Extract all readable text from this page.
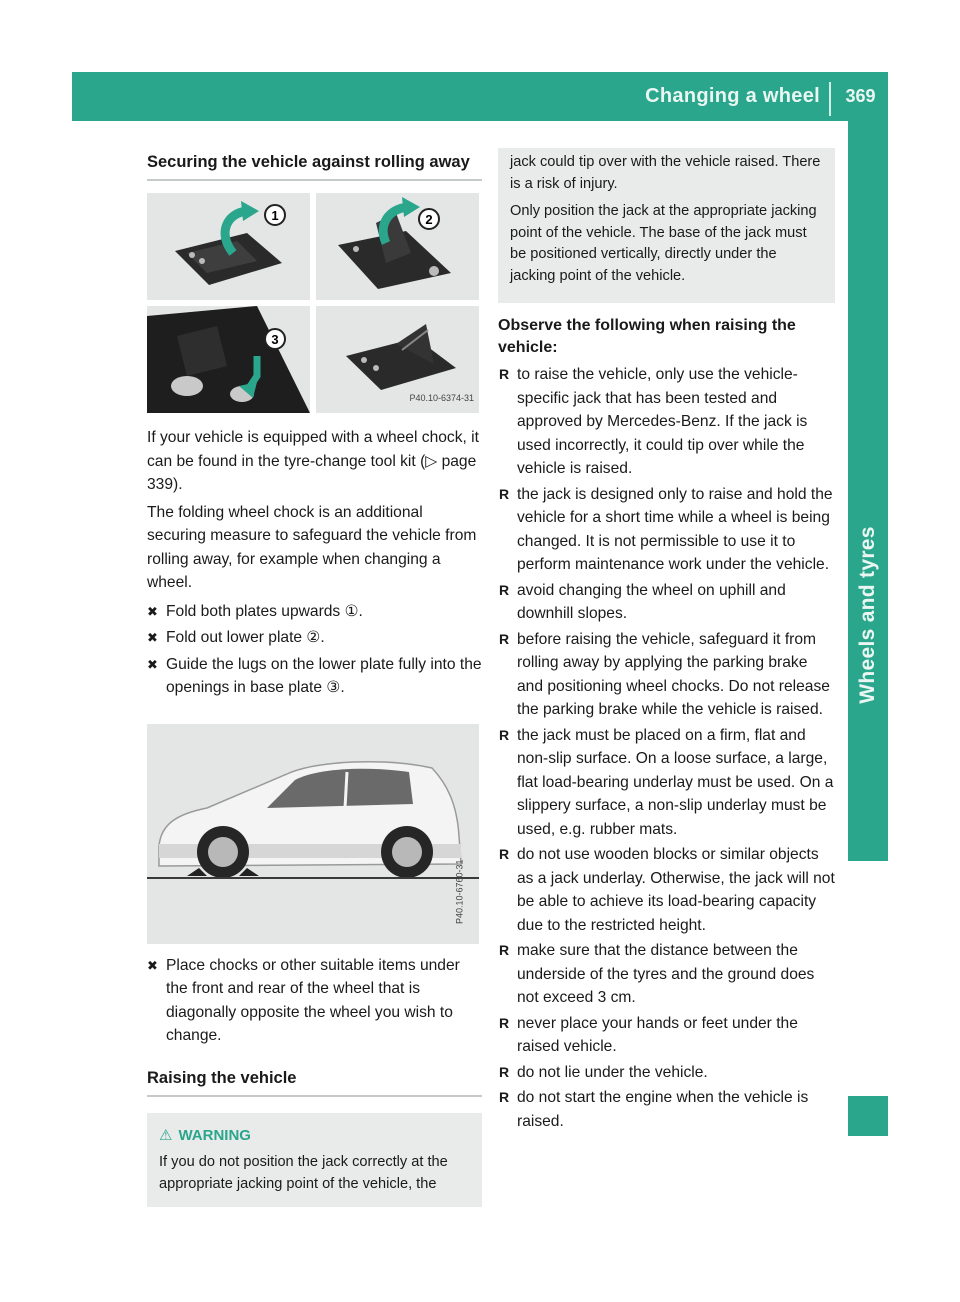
Changing a wheel	369
Wheels and tyres
Securing the vehicle against rolling away
1	2
3
P40.10-6374-31

If your vehicle is equipped with a wheel chock, it can be found in the tyre-change tool kit (▷ page 339).

The folding wheel chock is an additional securing measure to safeguard the vehicle from rolling away, for example when changing a wheel.

✖ Fold both plates upwards ①.
✖ Fold out lower plate ②.
✖ Guide the lugs on the lower plate fully into the openings in base plate ③.
P40.10-6760-31
✖ Place chocks or other suitable items under the front and rear of the wheel that is diagonally opposite the wheel you wish to change.
Raising the vehicle
⚠ WARNING

If you do not position the jack correctly at the appropriate jacking point of the vehicle, the

jack could tip over with the vehicle raised. There is a risk of injury.

Only position the jack at the appropriate jacking point of the vehicle. The base of the jack must be positioned vertically, directly under the jacking point of the vehicle.

Observe the following when raising the vehicle:
R to raise the vehicle, only use the vehicle-specific jack that has been tested and approved by Mercedes-Benz. If the jack is used incorrectly, it could tip over while the vehicle is raised.
R the jack is designed only to raise and hold the vehicle for a short time while a wheel is being changed. It is not permissible to use it to perform maintenance work under the vehicle.
R avoid changing the wheel on uphill and downhill slopes.
R before raising the vehicle, safeguard it from rolling away by applying the parking brake and positioning wheel chocks. Do not release the parking brake while the vehicle is raised.
R the jack must be placed on a firm, flat and non-slip surface. On a loose surface, a large, flat load-bearing underlay must be used. On a slippery surface, a non-slip underlay must be used, e.g. rubber mats.
R do not use wooden blocks or similar objects as a jack underlay. Otherwise, the jack will not be able to achieve its load-bearing capacity due to the restricted height.
R make sure that the distance between the underside of the tyres and the ground does not exceed 3 cm.
R never place your hands or feet under the raised vehicle.
R do not lie under the vehicle.
R do not start the engine when the vehicle is raised.
